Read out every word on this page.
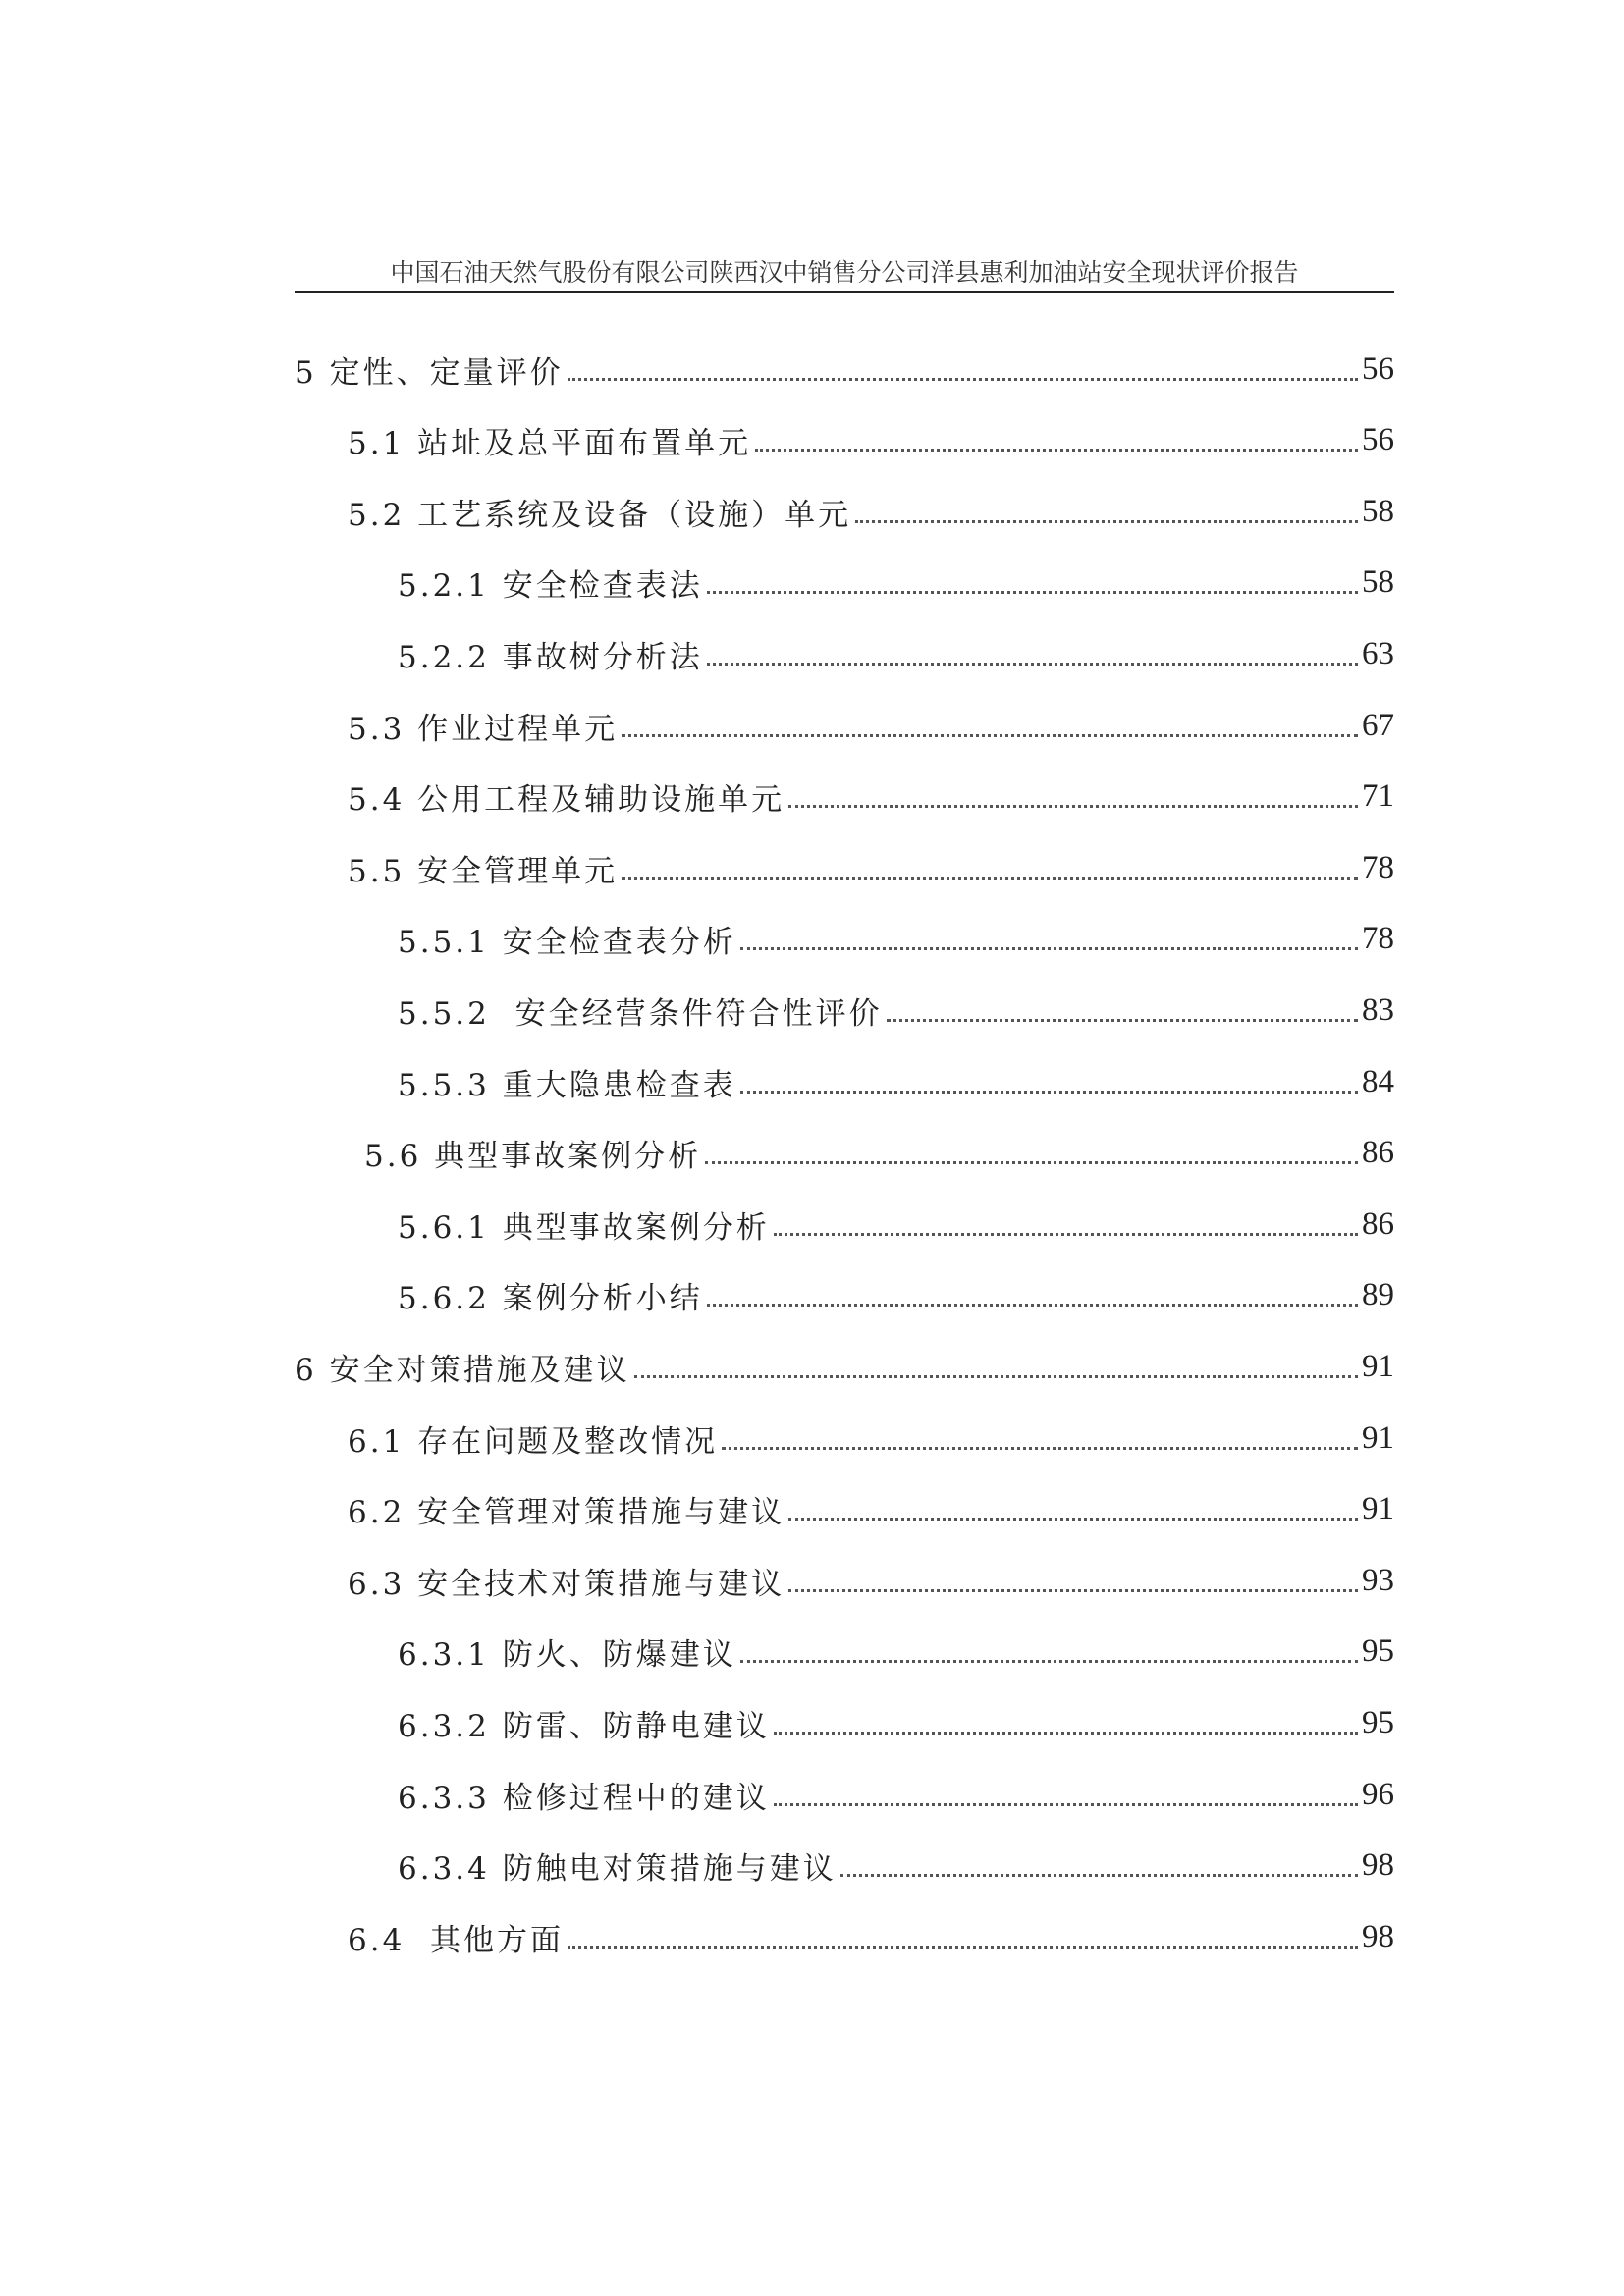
中国石油天然气股份有限公司陕西汉中销售分公司洋县惠利加油站安全现状评价报告
5 定性、定量评价	56
5.1 站址及总平面布置单元	56
5.2 工艺系统及设备（设施）单元	58
5.2.1 安全检查表法	58
5.2.2 事故树分析法	63
5.3 作业过程单元	67
5.4 公用工程及辅助设施单元	71
5.5 安全管理单元	78
5.5.1 安全检查表分析	78
5.5.2  安全经营条件符合性评价	83
5.5.3 重大隐患检查表	84
5.6 典型事故案例分析	86
5.6.1 典型事故案例分析	86
5.6.2 案例分析小结	89
6 安全对策措施及建议	91
6.1 存在问题及整改情况	91
6.2 安全管理对策措施与建议	91
6.3 安全技术对策措施与建议	93
6.3.1 防火、防爆建议	95
6.3.2 防雷、防静电建议	95
6.3.3 检修过程中的建议	96
6.3.4 防触电对策措施与建议	98
6.4  其他方面	98
